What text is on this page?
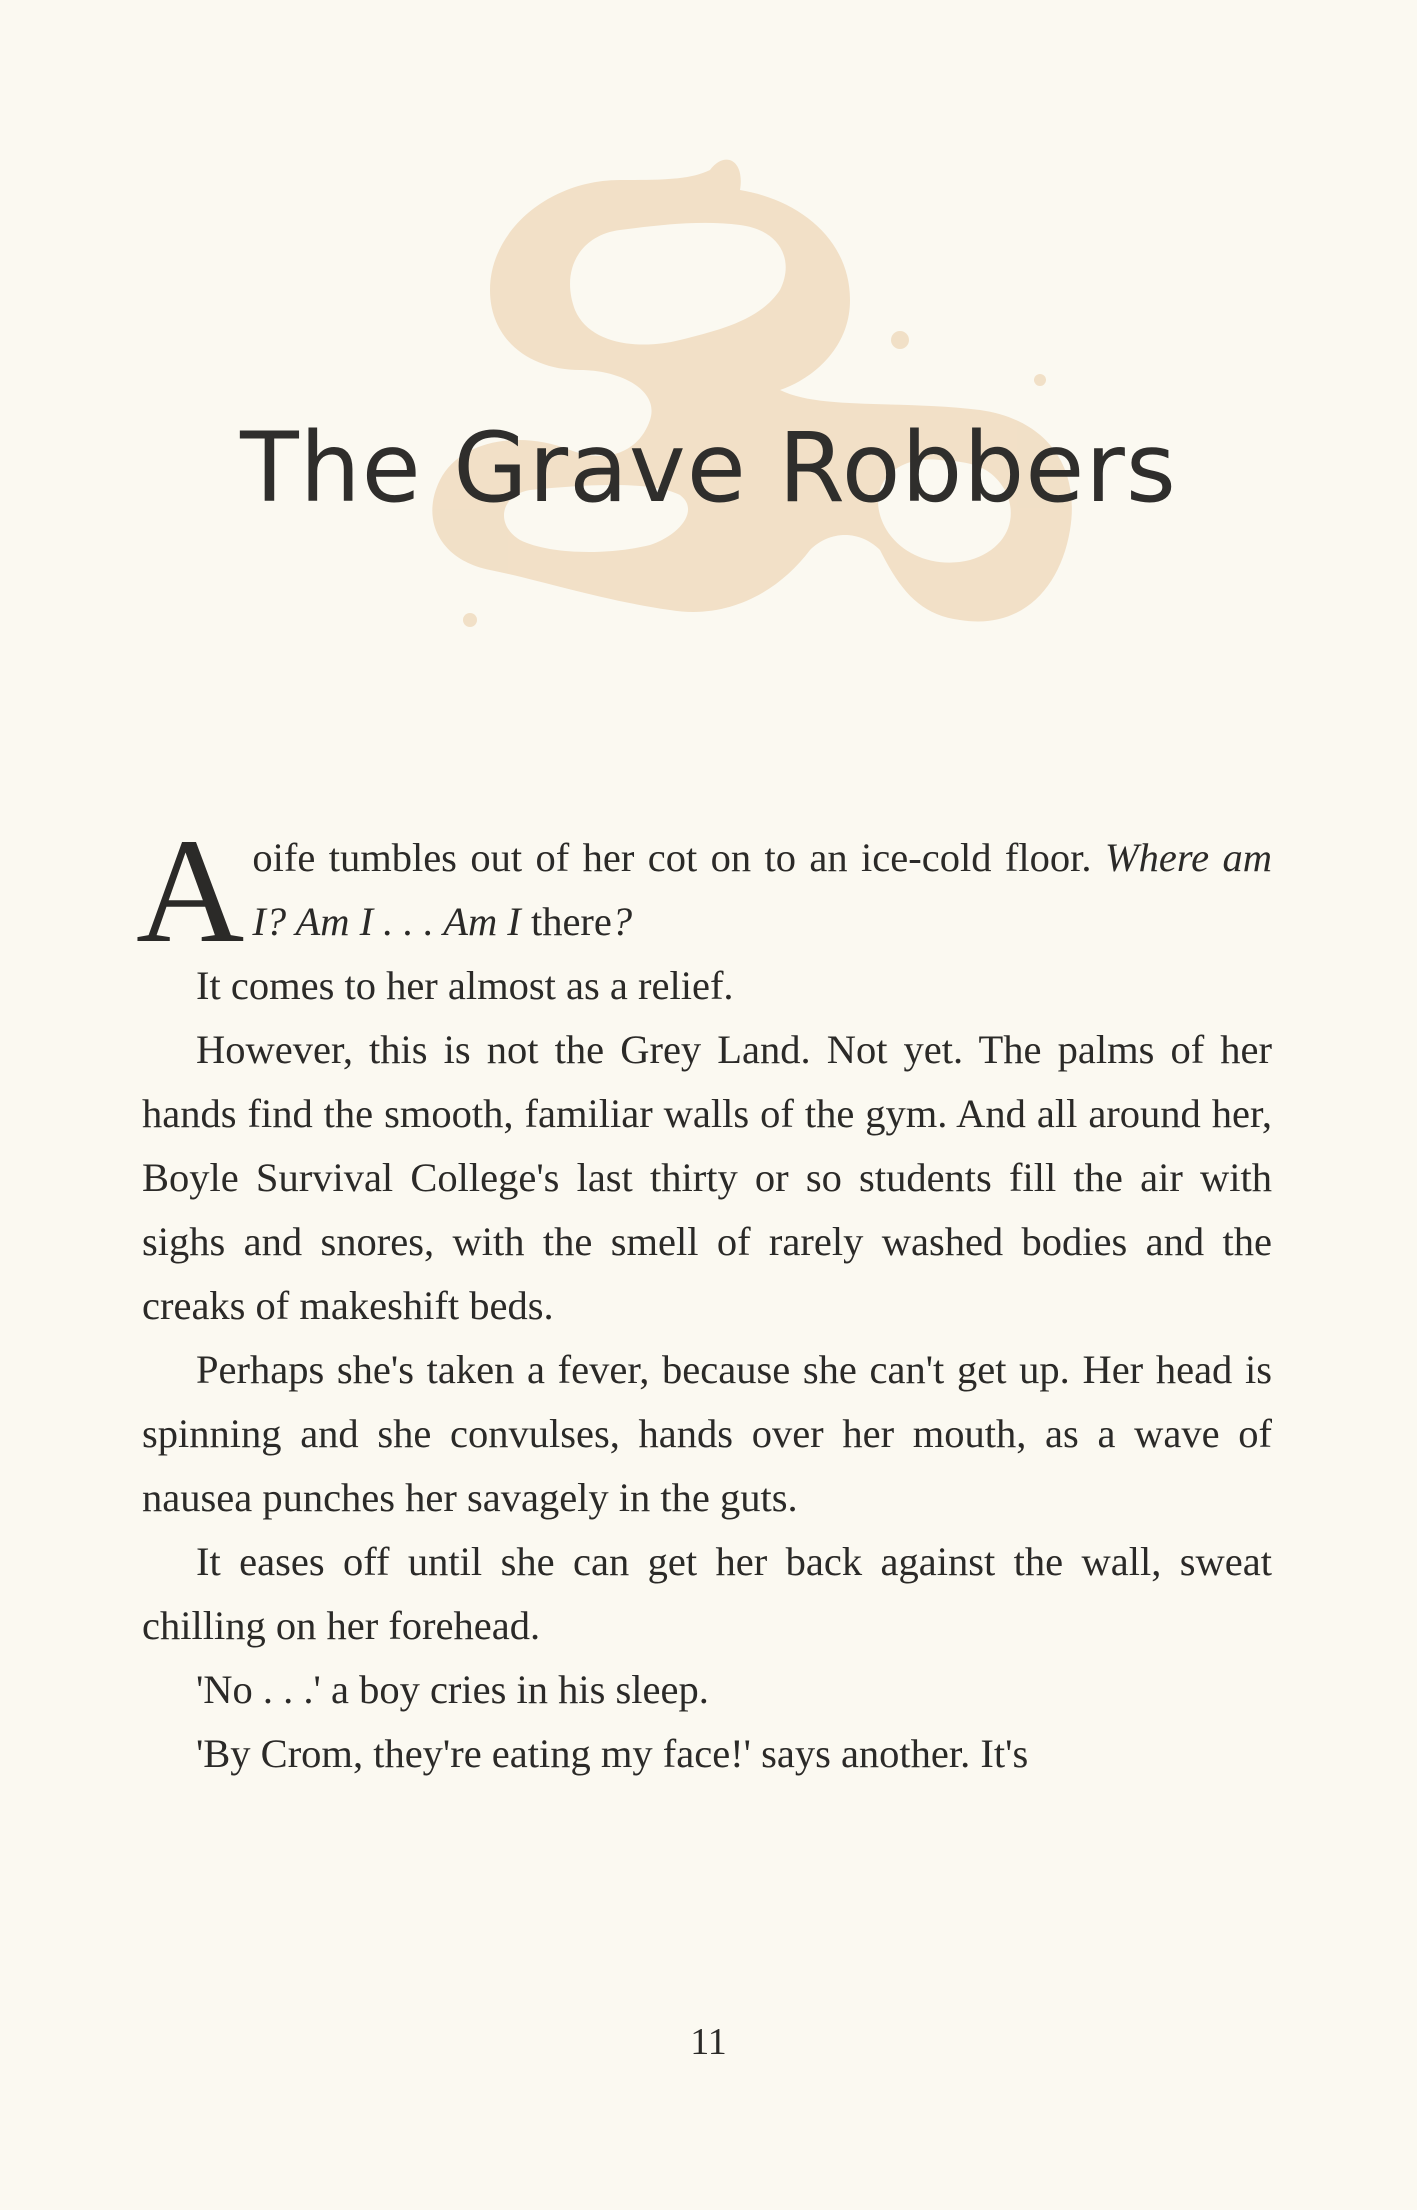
The Grave Robbers

Aoife tumbles out of her cot on to an ice-cold floor. Where am I? Am I . . . Am I there?

It comes to her almost as a relief.

However, this is not the Grey Land. Not yet. The palms of her hands find the smooth, familiar walls of the gym. And all around her, Boyle Survival College's last thirty or so students fill the air with sighs and snores, with the smell of rarely washed bodies and the creaks of makeshift beds.

Perhaps she's taken a fever, because she can't get up. Her head is spinning and she convulses, hands over her mouth, as a wave of nausea punches her savagely in the guts.

It eases off until she can get her back against the wall, sweat chilling on her forehead.

'No . . .' a boy cries in his sleep.

'By Crom, they're eating my face!' says another. It's

11
